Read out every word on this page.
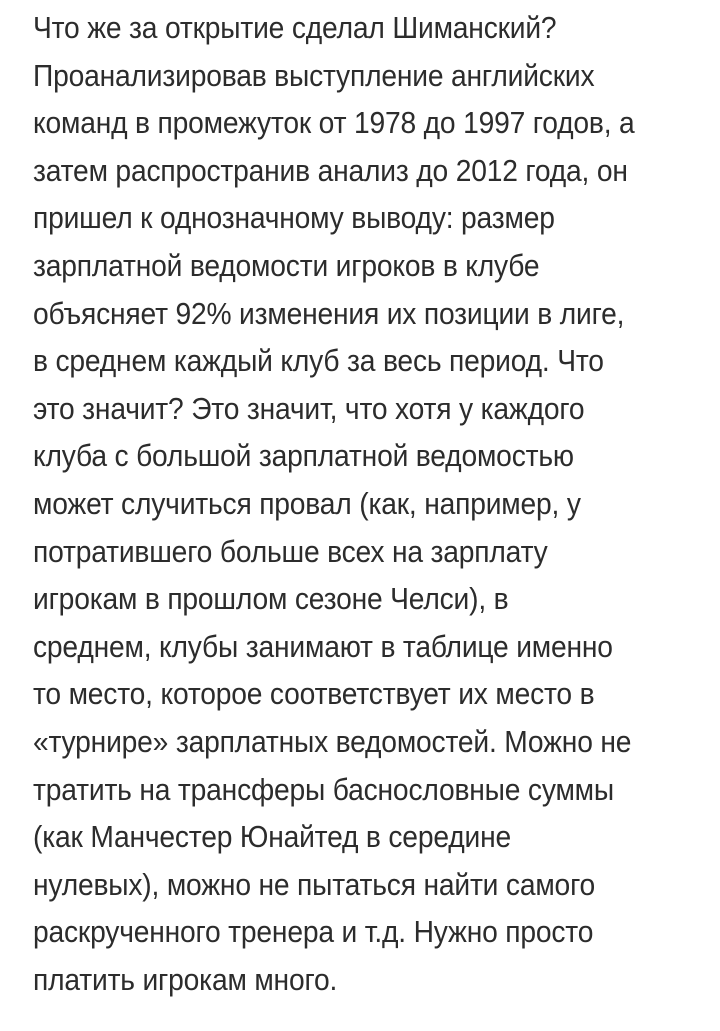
Что же за открытие сделал Шиманский?
Проанализировав выступление английских
команд в промежуток от 1978 до 1997 годов, а
затем распространив анализ до 2012 года, он
пришел к однозначному выводу: размер
зарплатной ведомости игроков в клубе
объясняет 92% изменения их позиции в лиге,
в среднем каждый клуб за весь период. Что
это значит? Это значит, что хотя у каждого
клуба с большой зарплатной ведомостью
может случиться провал (как, например, у
потратившего больше всех на зарплату
игрокам в прошлом сезоне Челси), в
среднем, клубы занимают в таблице именно
то место, которое соответствует их место в
«турнире» зарплатных ведомостей. Можно не
тратить на трансферы баснословные суммы
(как Манчестер Юнайтед в середине
нулевых), можно не пытаться найти самого
раскрученного тренера и т.д. Нужно просто
платить игрокам много.
